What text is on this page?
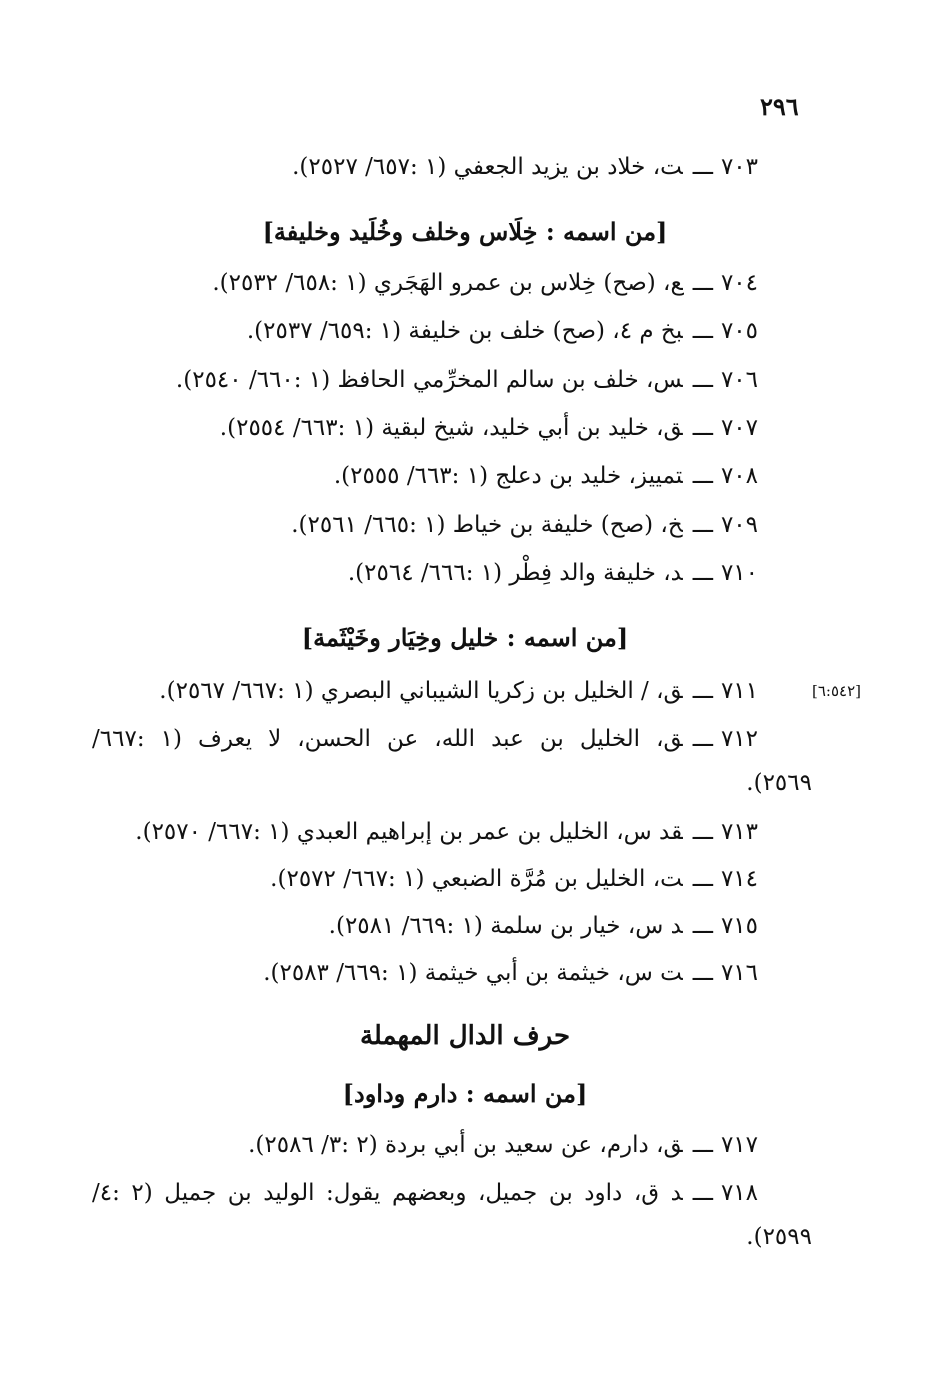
٢٩٦
٧٠٣ـــت، خلاد بن يزيد الجعفي (١ :٦٥٧/ ٢٥٢٧).
[من اسمه : خِلَاس وخلف وخُلَيد وخليفة]
٧٠٤ـــع، (صح) خِلاس بن عمرو الهَجَري (١ :٦٥٨/ ٢٥٣٢).
٧٠٥ـــبخ م ٤، (صح) خلف بن خليفة (١ :٦٥٩/ ٢٥٣٧).
٧٠٦ـــس، خلف بن سالم المخرِّمي الحافظ (١ :٦٦٠/ ٢٥٤٠).
٧٠٧ـــق، خليد بن أبي خليد، شيخ لبقية (١ :٦٦٣/ ٢٥٥٤).
٧٠٨ـــتمييز، خليد بن دعلج (١ :٦٦٣/ ٢٥٥٥).
٧٠٩ـــخ، (صح) خليفة بن خياط (١ :٦٦٥/ ٢٥٦١).
٧١٠ـــد، خليفة والد فِطْر (١ :٦٦٦/ ٢٥٦٤).
[من اسمه : خليل وخِيَار وخَيْثَمة]
[٦:٥٤٢]
٧١١ـــق، / الخليل بن زكريا الشيباني البصري (١ :٦٦٧/ ٢٥٦٧).
٧١٢ـــق، الخليل بن عبد الله، عن الحسن، لا يعرف (١ :٦٦٧/
٢٥٦٩).
٧١٣ـــقد س، الخليل بن عمر بن إبراهيم العبدي (١ :٦٦٧/ ٢٥٧٠).
٧١٤ـــت، الخليل بن مُرَّة الضبعي (١ :٦٦٧/ ٢٥٧٢).
٧١٥ـــد س، خيار بن سلمة (١ :٦٦٩/ ٢٥٨١).
٧١٦ـــت س، خيثمة بن أبي خيثمة (١ :٦٦٩/ ٢٥٨٣).
حرف الدال المهملة
[من اسمه : دارم وداود]
٧١٧ـــق، دارم، عن سعيد بن أبي بردة (٢ :٣/ ٢٥٨٦).
٧١٨ـــد ق، داود بن جميل، وبعضهم يقول: الوليد بن جميل (٢ :٤/
٢٥٩٩).
